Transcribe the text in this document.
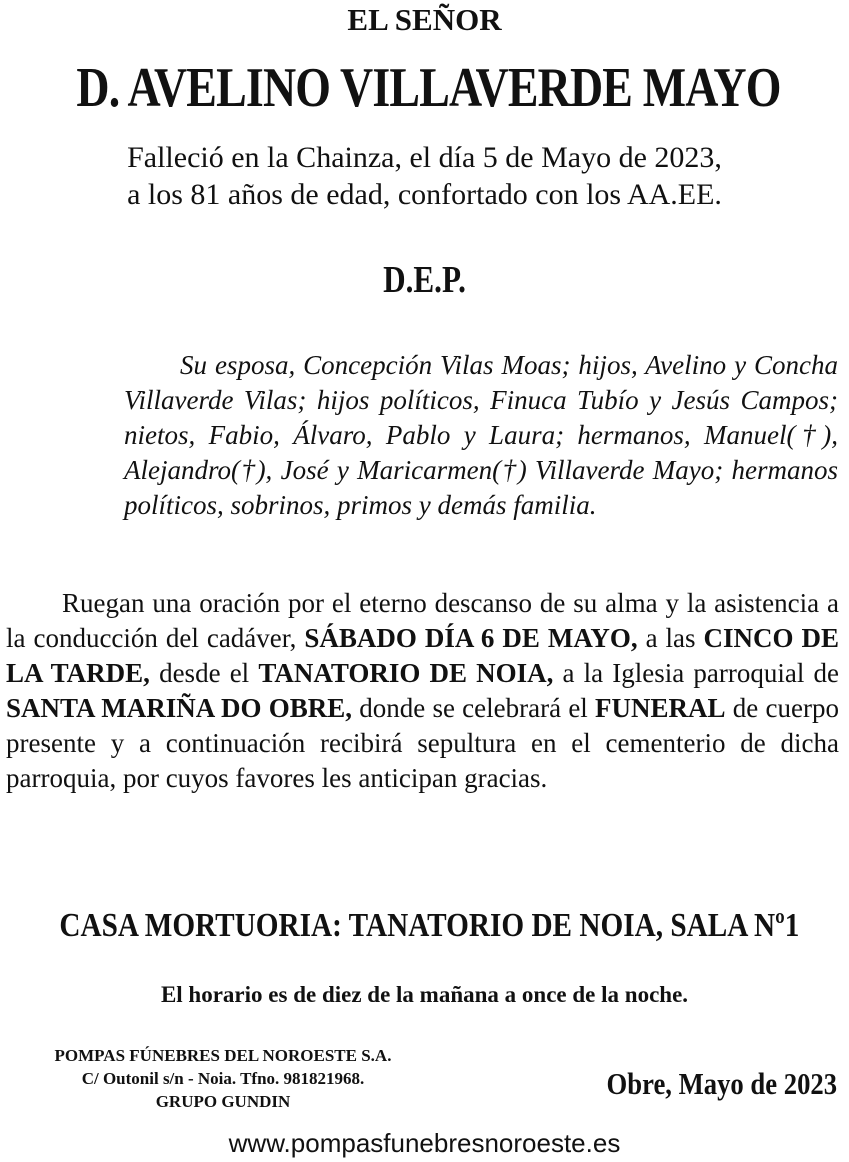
EL SEÑOR
D. AVELINO VILLAVERDE MAYO
Falleció en la Chainza, el día 5 de Mayo de 2023,
a los 81 años de edad, confortado con los AA.EE.
D.E.P.
Su esposa, Concepción Vilas Moas; hijos, Avelino y Concha Villaverde Vilas; hijos políticos, Finuca Tubío y Jesús Campos; nietos, Fabio, Álvaro, Pablo y Laura; hermanos, Manuel(†), Alejandro(†), José y Maricarmen(†) Villaverde Mayo; hermanos políticos, sobrinos, primos y demás familia.
Ruegan una oración por el eterno descanso de su alma y la asistencia a la conducción del cadáver, SÁBADO DÍA 6 DE MAYO, a las CINCO DE LA TARDE, desde el TANATORIO DE NOIA, a la Iglesia parroquial de SANTA MARIÑA DO OBRE, donde se celebrará el FUNERAL de cuerpo presente y a continuación recibirá sepultura en el cementerio de dicha parroquia, por cuyos favores les anticipan gracias.
CASA MORTUORIA: TANATORIO DE NOIA, SALA Nº1
El horario es de diez de la mañana a once de la noche.
POMPAS FÚNEBRES DEL NOROESTE S.A.
C/ Outonil s/n - Noia. Tfno. 981821968.
GRUPO GUNDIN
Obre, Mayo de 2023
www.pompasfunebresnoroeste.es
